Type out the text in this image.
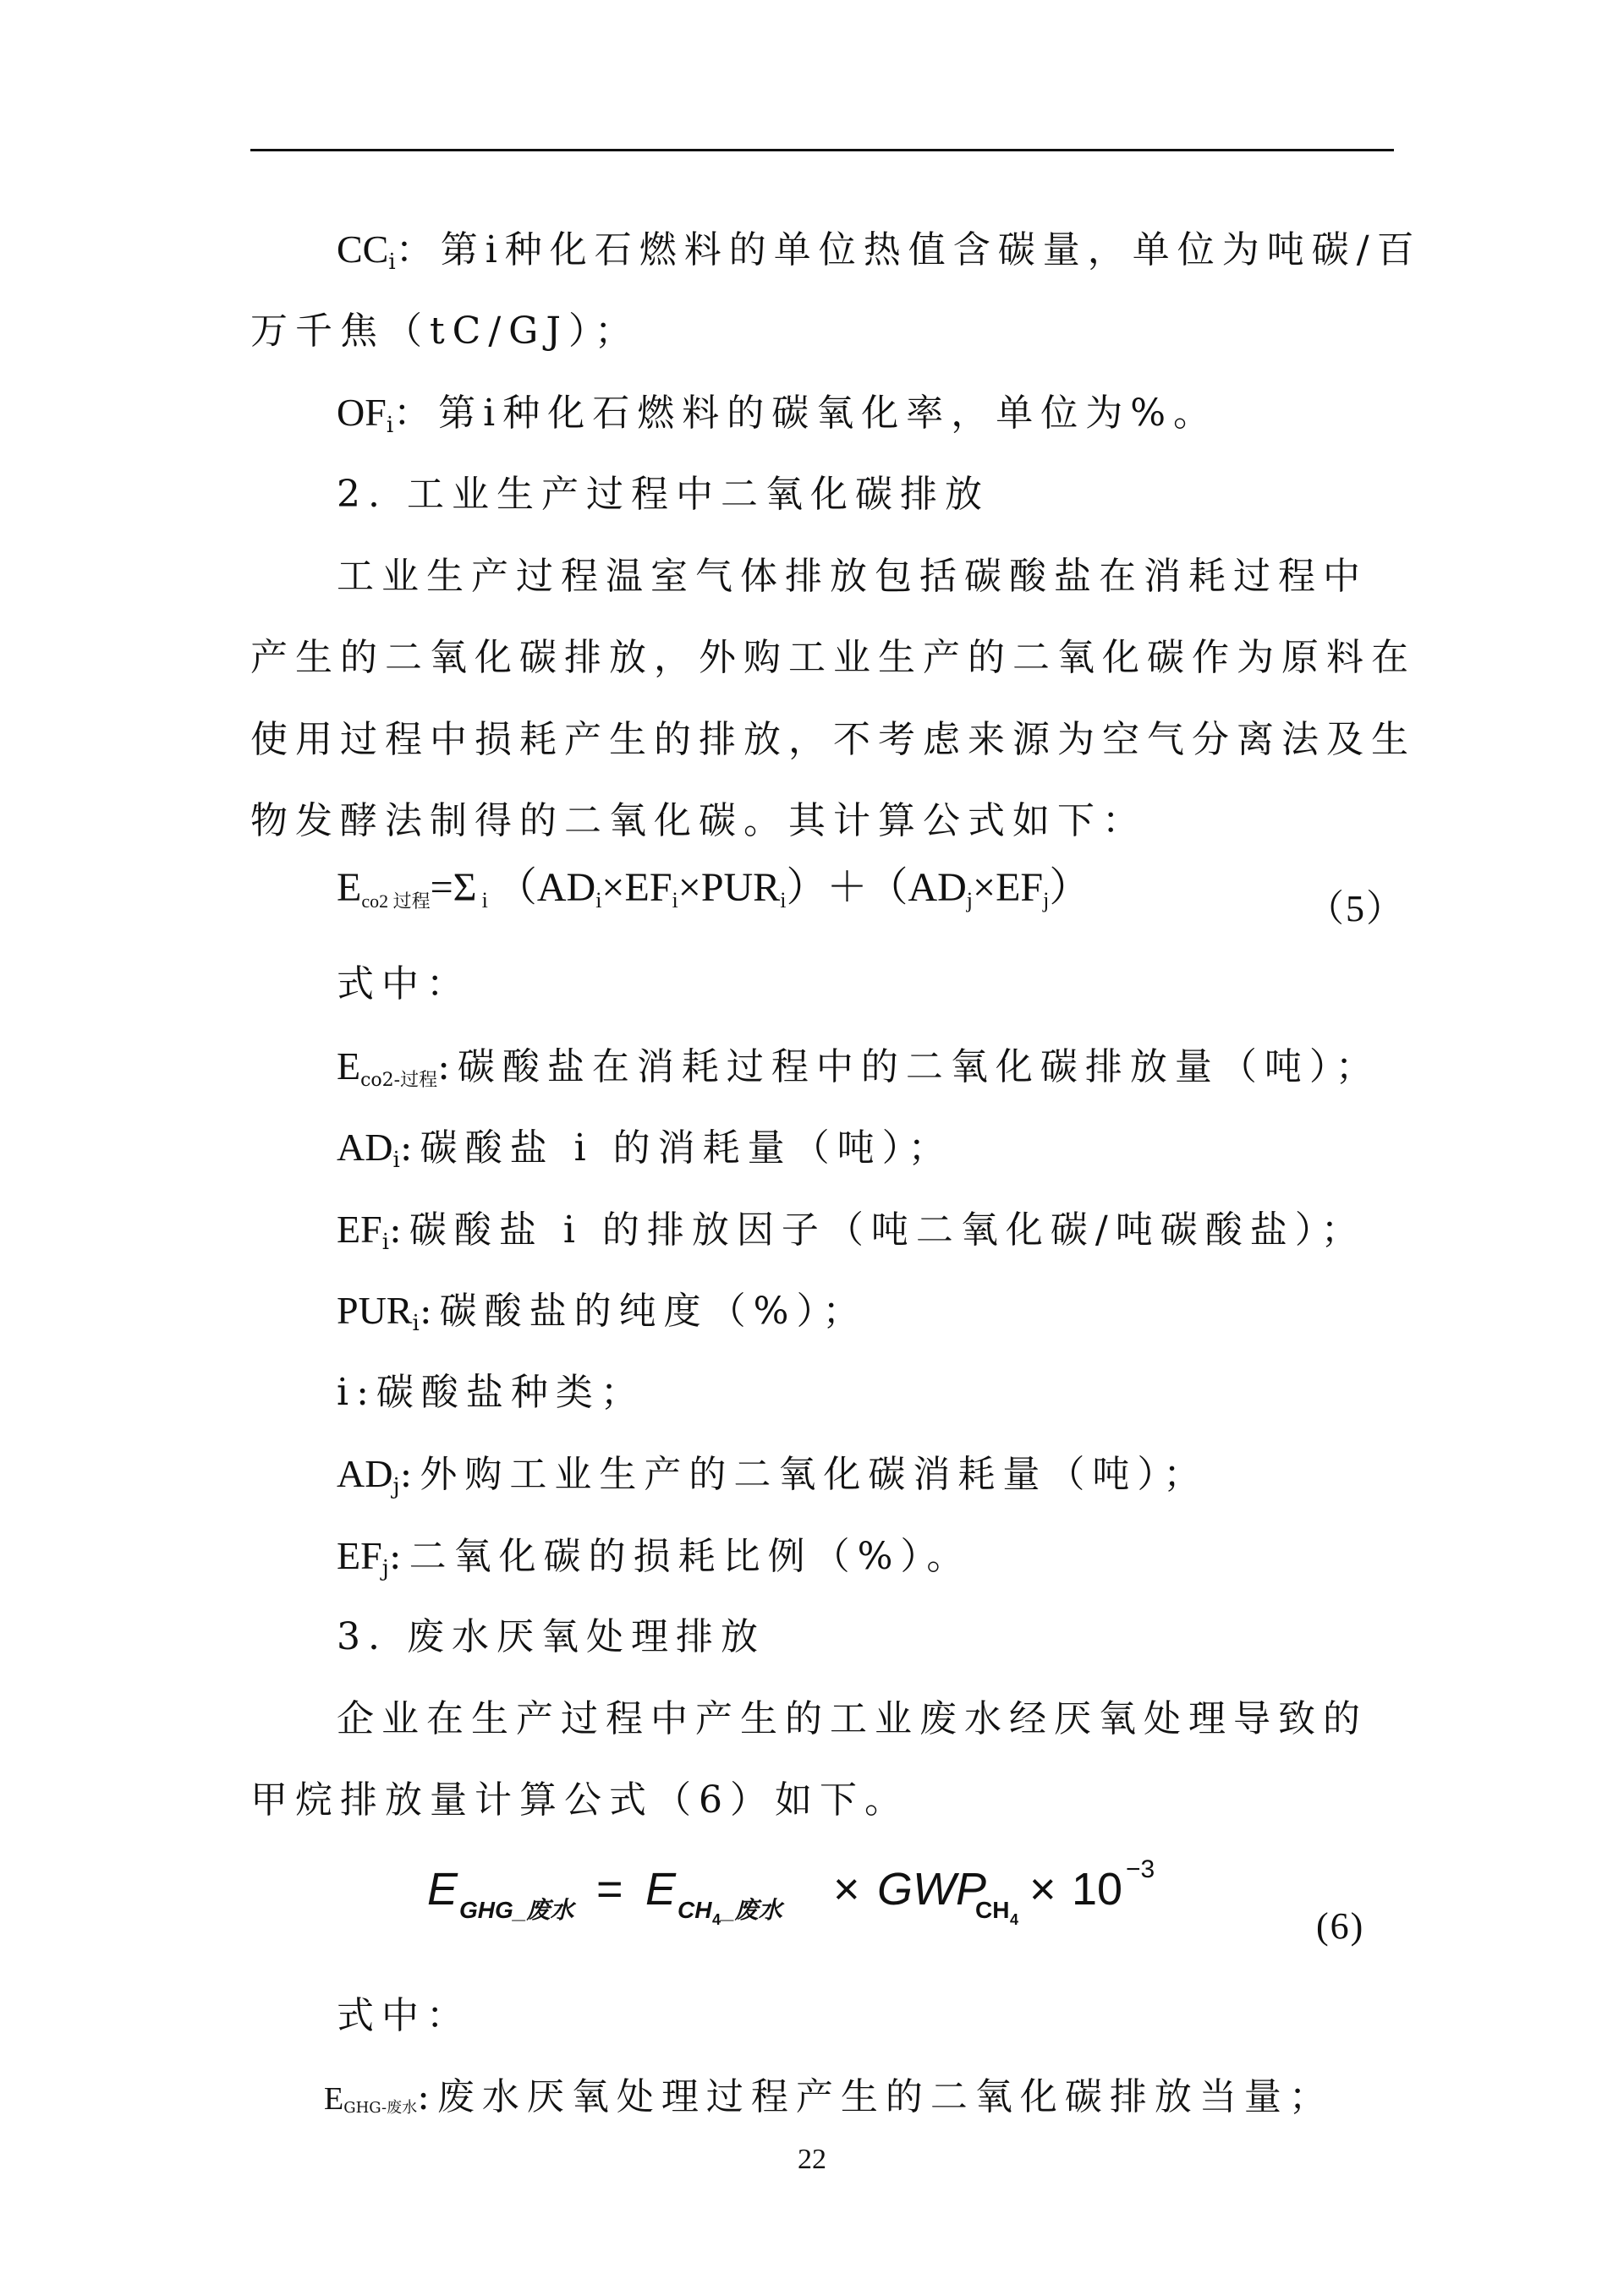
$CC_i$：第i种化石燃料的单位热值含碳量，单位为吨碳/百
万千焦（tC/GJ）；
$OF_i$：第i种化石燃料的碳氧化率，单位为%。
2. 工业生产过程中二氧化碳排放
工业生产过程温室气体排放包括碳酸盐在消耗过程中
产生的二氧化碳排放，外购工业生产的二氧化碳作为原料在
使用过程中损耗产生的排放，不考虑来源为空气分离法及生
物发酵法制得的二氧化碳。其计算公式如下：
Eco2 过程=Σ $_i$ $(AD_i\times EF_i\times PUR_i)+(AD_j\times EF_j)$	（5）
式中：
Eco2-过程:碳酸盐在消耗过程中的二氧化碳排放量（吨）；
$AD_i$:碳酸盐 i 的消耗量（吨）；
$EF_i$:碳酸盐 i 的排放因子（吨二氧化碳/吨碳酸盐）；
$PUR_i$:碳酸盐的纯度（%）；
i:碳酸盐种类；
$AD_j$:外购工业生产的二氧化碳消耗量（吨）；
$EF_j$:二氧化碳的损耗比例（%）。
3. 废水厌氧处理排放
企业在生产过程中产生的工业废水经厌氧处理导致的
甲烷排放量计算公式（6）如下。
E GHG_废水 = E CH 4 _废水 × GWP
CH 4
× 10 −3
(6)
式中：
EGHG-废水:废水厌氧处理过程产生的二氧化碳排放当量；
22
